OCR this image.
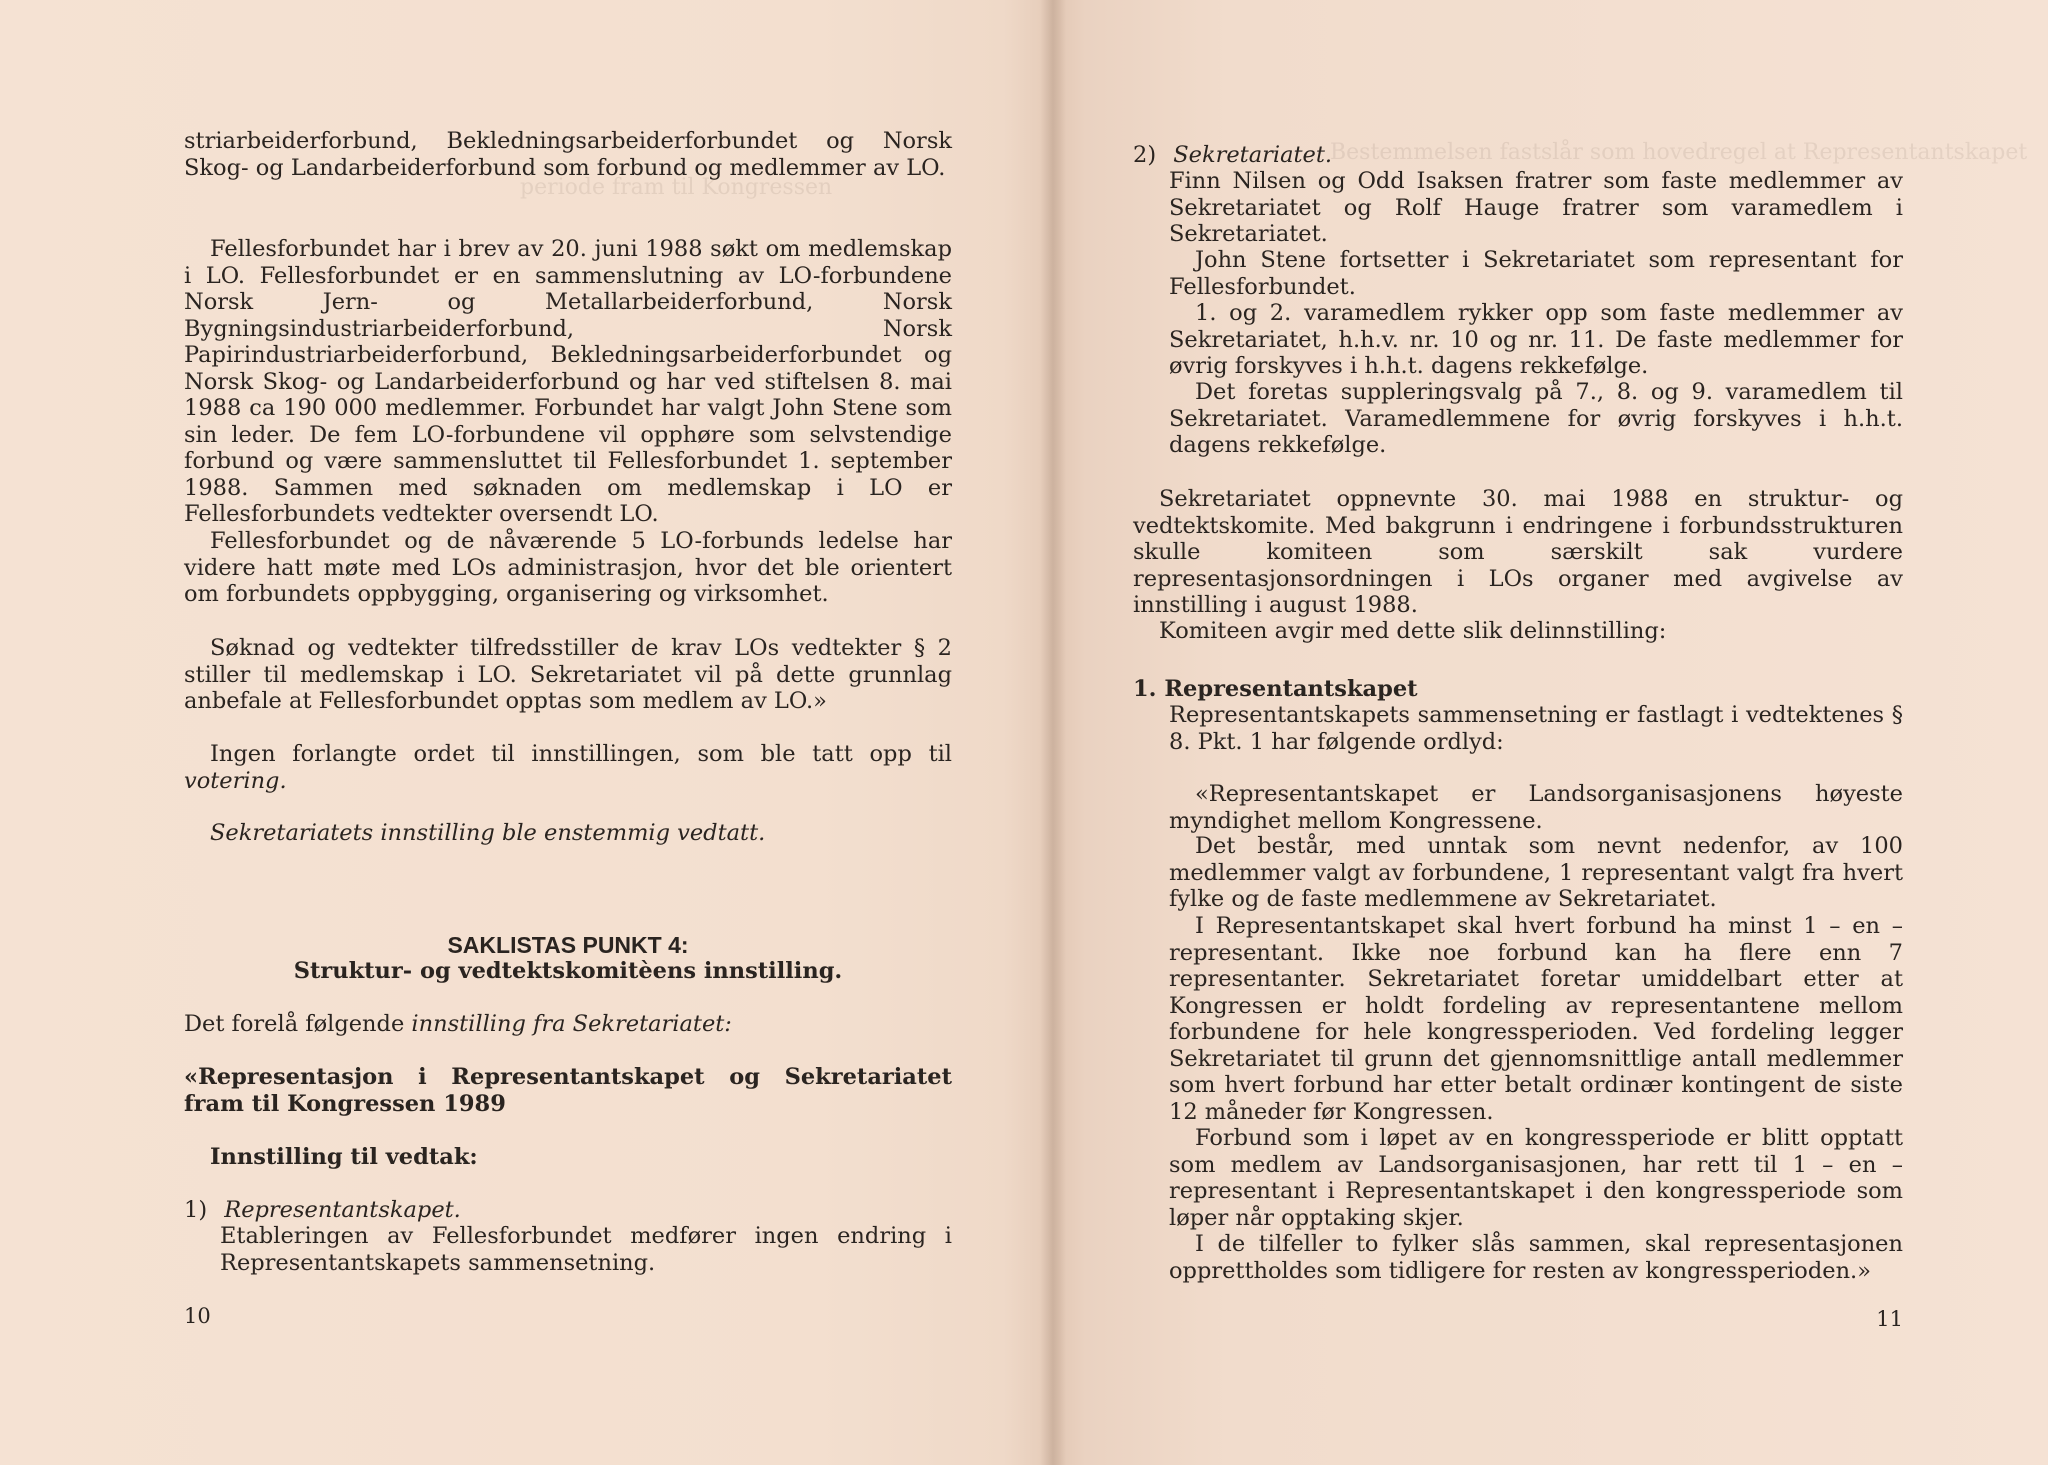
periode fram til Kongressen
Bestemmelsen fastslår som hovedregel at Representantskapet

striarbeiderforbund, Bekledningsarbeiderforbundet og Norsk Skog- og Landarbeiderforbund som forbund og medlemmer av LO.

Fellesforbundet har i brev av 20. juni 1988 søkt om medlemskap i LO. Fellesforbundet er en sammenslutning av LO-forbundene Norsk Jern- og Metallarbeiderforbund, Norsk Bygningsindustriarbeiderforbund, Norsk Papirindustriarbeiderforbund, Bekledningsarbeiderforbundet og Norsk Skog- og Landarbeiderforbund og har ved stiftelsen 8. mai 1988 ca 190 000 medlemmer. Forbundet har valgt John Stene som sin leder. De fem LO-forbundene vil opphøre som selvstendige forbund og være sammensluttet til Fellesforbundet 1. september 1988. Sammen med søknaden om medlemskap i LO er Fellesforbundets vedtekter oversendt LO.

Fellesforbundet og de nåværende 5 LO-forbunds ledelse har videre hatt møte med LOs administrasjon, hvor det ble orientert om forbundets oppbygging, organisering og virksomhet.

Søknad og vedtekter tilfredsstiller de krav LOs vedtekter § 2 stiller til medlemskap i LO. Sekretariatet vil på dette grunnlag anbefale at Fellesforbundet opptas som medlem av LO.»

Ingen forlangte ordet til innstillingen, som ble tatt opp til votering.

Sekretariatets innstilling ble enstemmig vedtatt.

SAKLISTAS PUNKT 4:
Struktur- og vedtektskomitèens innstilling.

Det forelå følgende innstilling fra Sekretariatet:

«Representasjon i Representantskapet og Sekretariatet fram til Kongressen 1989

Innstilling til vedtak:

1) Representantskapet.

Etableringen av Fellesforbundet medfører ingen endring i Representantskapets sammensetning.

10
2) Sekretariatet.

Finn Nilsen og Odd Isaksen fratrer som faste medlemmer av Sekretariatet og Rolf Hauge fratrer som varamedlem i Sekretariatet.

John Stene fortsetter i Sekretariatet som representant for Fellesforbundet.

1. og 2. varamedlem rykker opp som faste medlemmer av Sekretariatet, h.h.v. nr. 10 og nr. 11. De faste medlemmer for øvrig forskyves i h.h.t. dagens rekkefølge.

Det foretas suppleringsvalg på 7., 8. og 9. varamedlem til Sekretariatet. Varamedlemmene for øvrig forskyves i h.h.t. dagens rekkefølge.

Sekretariatet oppnevnte 30. mai 1988 en struktur- og vedtektskomite. Med bakgrunn i endringene i forbundsstrukturen skulle komiteen som særskilt sak vurdere representasjonsordningen i LOs organer med avgivelse av innstilling i august 1988.

Komiteen avgir med dette slik delinnstilling:

1. Representantskapet

Representantskapets sammensetning er fastlagt i vedtektenes § 8. Pkt. 1 har følgende ordlyd:

«Representantskapet er Landsorganisasjonens høyeste myndighet mellom Kongressene.

Det består, med unntak som nevnt nedenfor, av 100 medlemmer valgt av forbundene, 1 representant valgt fra hvert fylke og de faste medlemmene av Sekretariatet.

I Representantskapet skal hvert forbund ha minst 1 – en – representant. Ikke noe forbund kan ha flere enn 7 representanter. Sekretariatet foretar umiddelbart etter at Kongressen er holdt fordeling av representantene mellom forbundene for hele kongressperioden. Ved fordeling legger Sekretariatet til grunn det gjennomsnittlige antall medlemmer som hvert forbund har etter betalt ordinær kontingent de siste 12 måneder før Kongressen.

Forbund som i løpet av en kongressperiode er blitt opptatt som medlem av Landsorganisasjonen, har rett til 1 – en – representant i Representantskapet i den kongressperiode som løper når opptaking skjer.

I de tilfeller to fylker slås sammen, skal representasjonen opprettholdes som tidligere for resten av kongressperioden.»

11
